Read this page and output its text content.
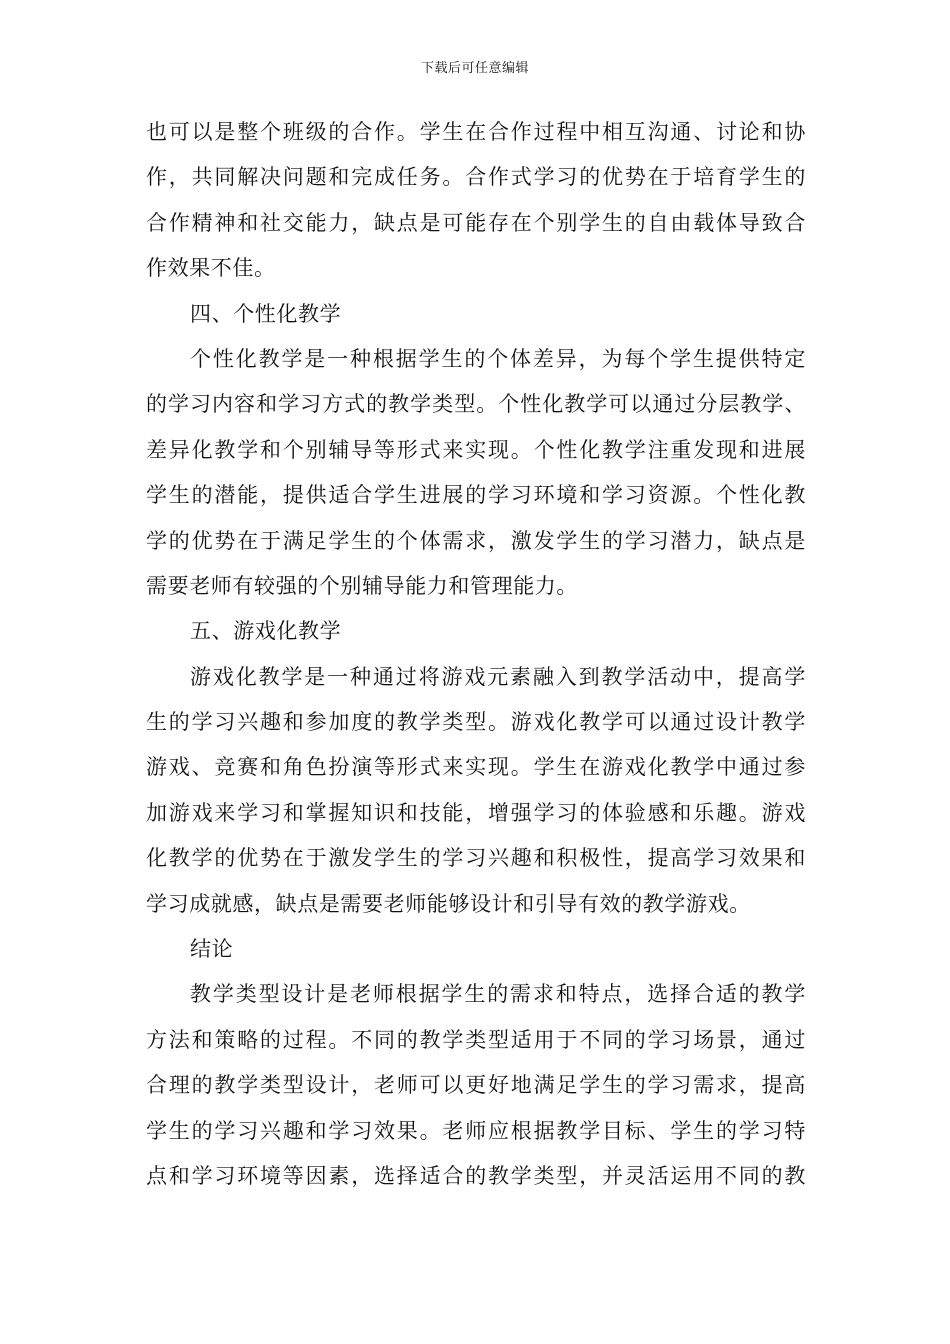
下载后可任意编辑
也可以是整个班级的合作。学生在合作过程中相互沟通、讨论和协
作，共同解决问题和完成任务。合作式学习的优势在于培育学生的
合作精神和社交能力，缺点是可能存在个别学生的自由载体导致合
作效果不佳。
四、个性化教学
个性化教学是一种根据学生的个体差异，为每个学生提供特定
的学习内容和学习方式的教学类型。个性化教学可以通过分层教学、
差异化教学和个别辅导等形式来实现。个性化教学注重发现和进展
学生的潜能，提供适合学生进展的学习环境和学习资源。个性化教
学的优势在于满足学生的个体需求，激发学生的学习潜力，缺点是
需要老师有较强的个别辅导能力和管理能力。
五、游戏化教学
游戏化教学是一种通过将游戏元素融入到教学活动中，提高学
生的学习兴趣和参加度的教学类型。游戏化教学可以通过设计教学
游戏、竞赛和角色扮演等形式来实现。学生在游戏化教学中通过参
加游戏来学习和掌握知识和技能，增强学习的体验感和乐趣。游戏
化教学的优势在于激发学生的学习兴趣和积极性，提高学习效果和
学习成就感，缺点是需要老师能够设计和引导有效的教学游戏。
结论
教学类型设计是老师根据学生的需求和特点，选择合适的教学
方法和策略的过程。不同的教学类型适用于不同的学习场景，通过
合理的教学类型设计，老师可以更好地满足学生的学习需求，提高
学生的学习兴趣和学习效果。老师应根据教学目标、学生的学习特
点和学习环境等因素，选择适合的教学类型，并灵活运用不同的教
